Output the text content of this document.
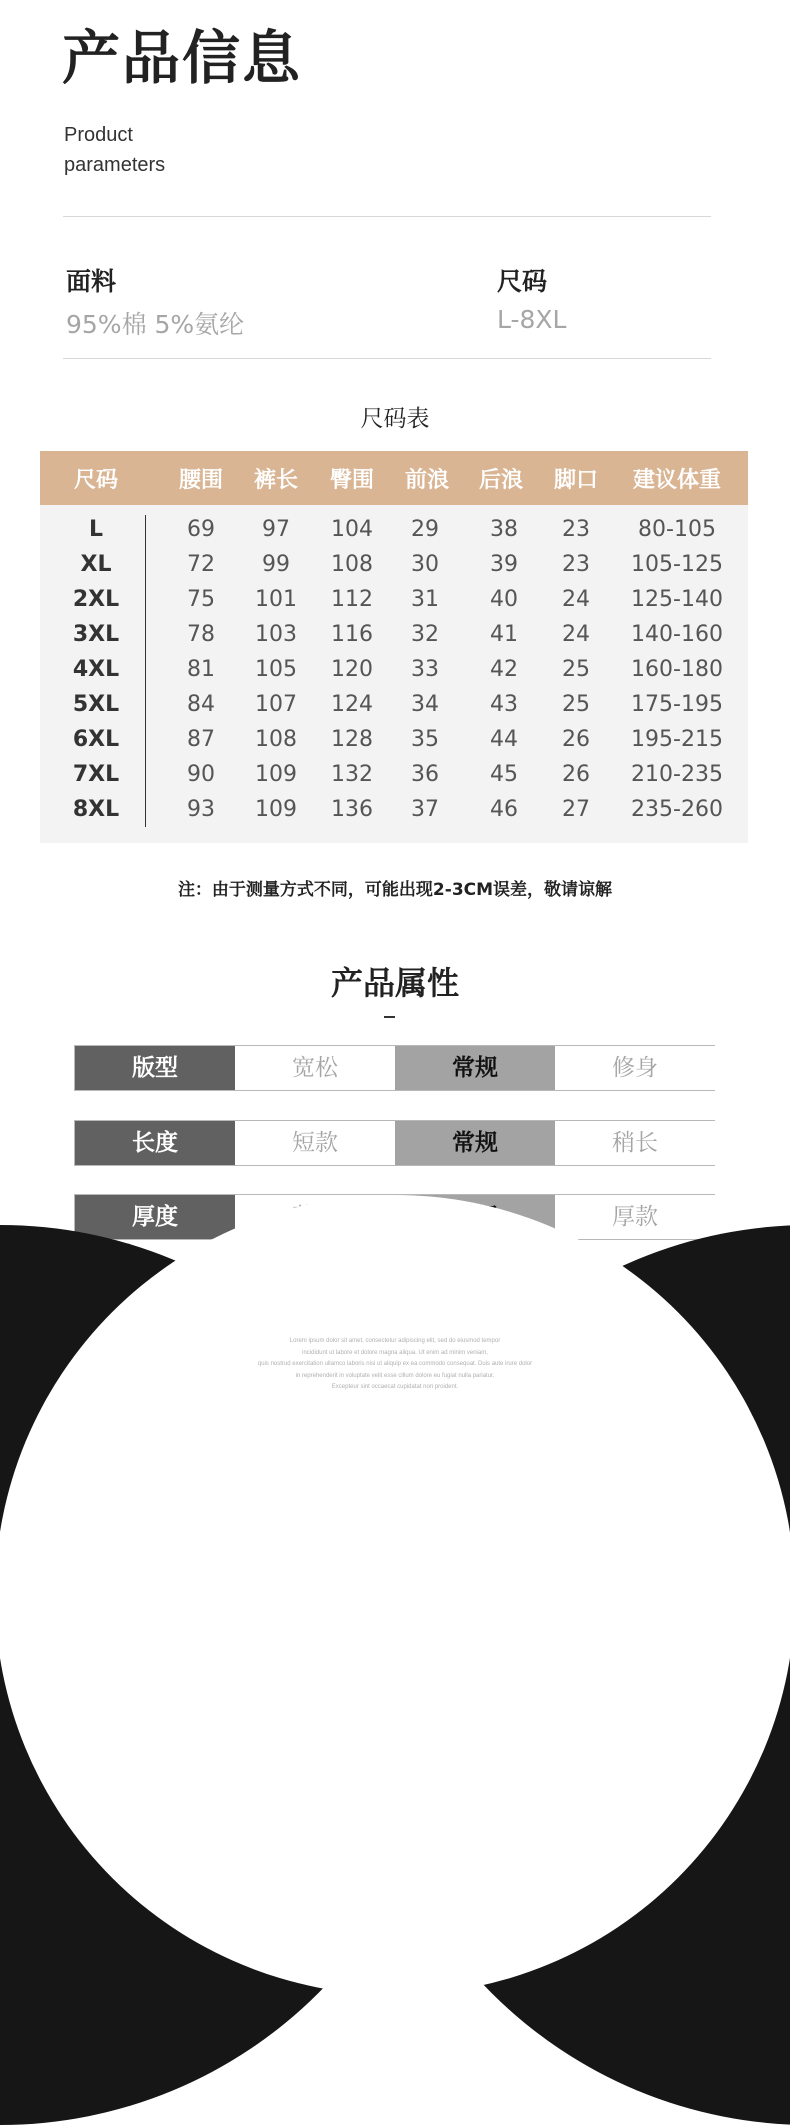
产品信息
Product
parameters
面料
95%棉 5%氨纶
尺码
L-8XL
尺码表
尺码	腰围 裤长 臀围 前浪 后浪 脚口 建议体重
L	69 97 104 29 38 23 80-105
XL	72 99 108 30 39 23 105-125
2XL	75 101 112 31 40 24 125-140
3XL	78 103 116 32 41 24 140-160
4XL	81 105 120 33 42 25 160-180
5XL	84 107 124 34 43 25 175-195
6XL	87 108 128 35 44 26 195-215
7XL	90 109 132 36 45 26 210-235
8XL	93 109 136 37 46 27 235-260
注：由于测量方式不同，可能出现2-3CM误差，敬请谅解
产品属性
版型	宽松	常规	修身
长度	短款	常规	稍长
厚度	厚款
Lorem ipsum dolor sit amet, consectetur adipiscing elit, sed do eiusmod tempor
incididunt ut labore et dolore magna aliqua. Ut enim ad minim veniam,
quis nostrud exercitation ullamco laboris nisi ut aliquip ex ea commodo consequat. Duis aute irure dolor
in reprehenderit in voluptate velit esse cillum dolore eu fugiat nulla pariatur.
Excepteur sint occaecat cupidatat non proident.
